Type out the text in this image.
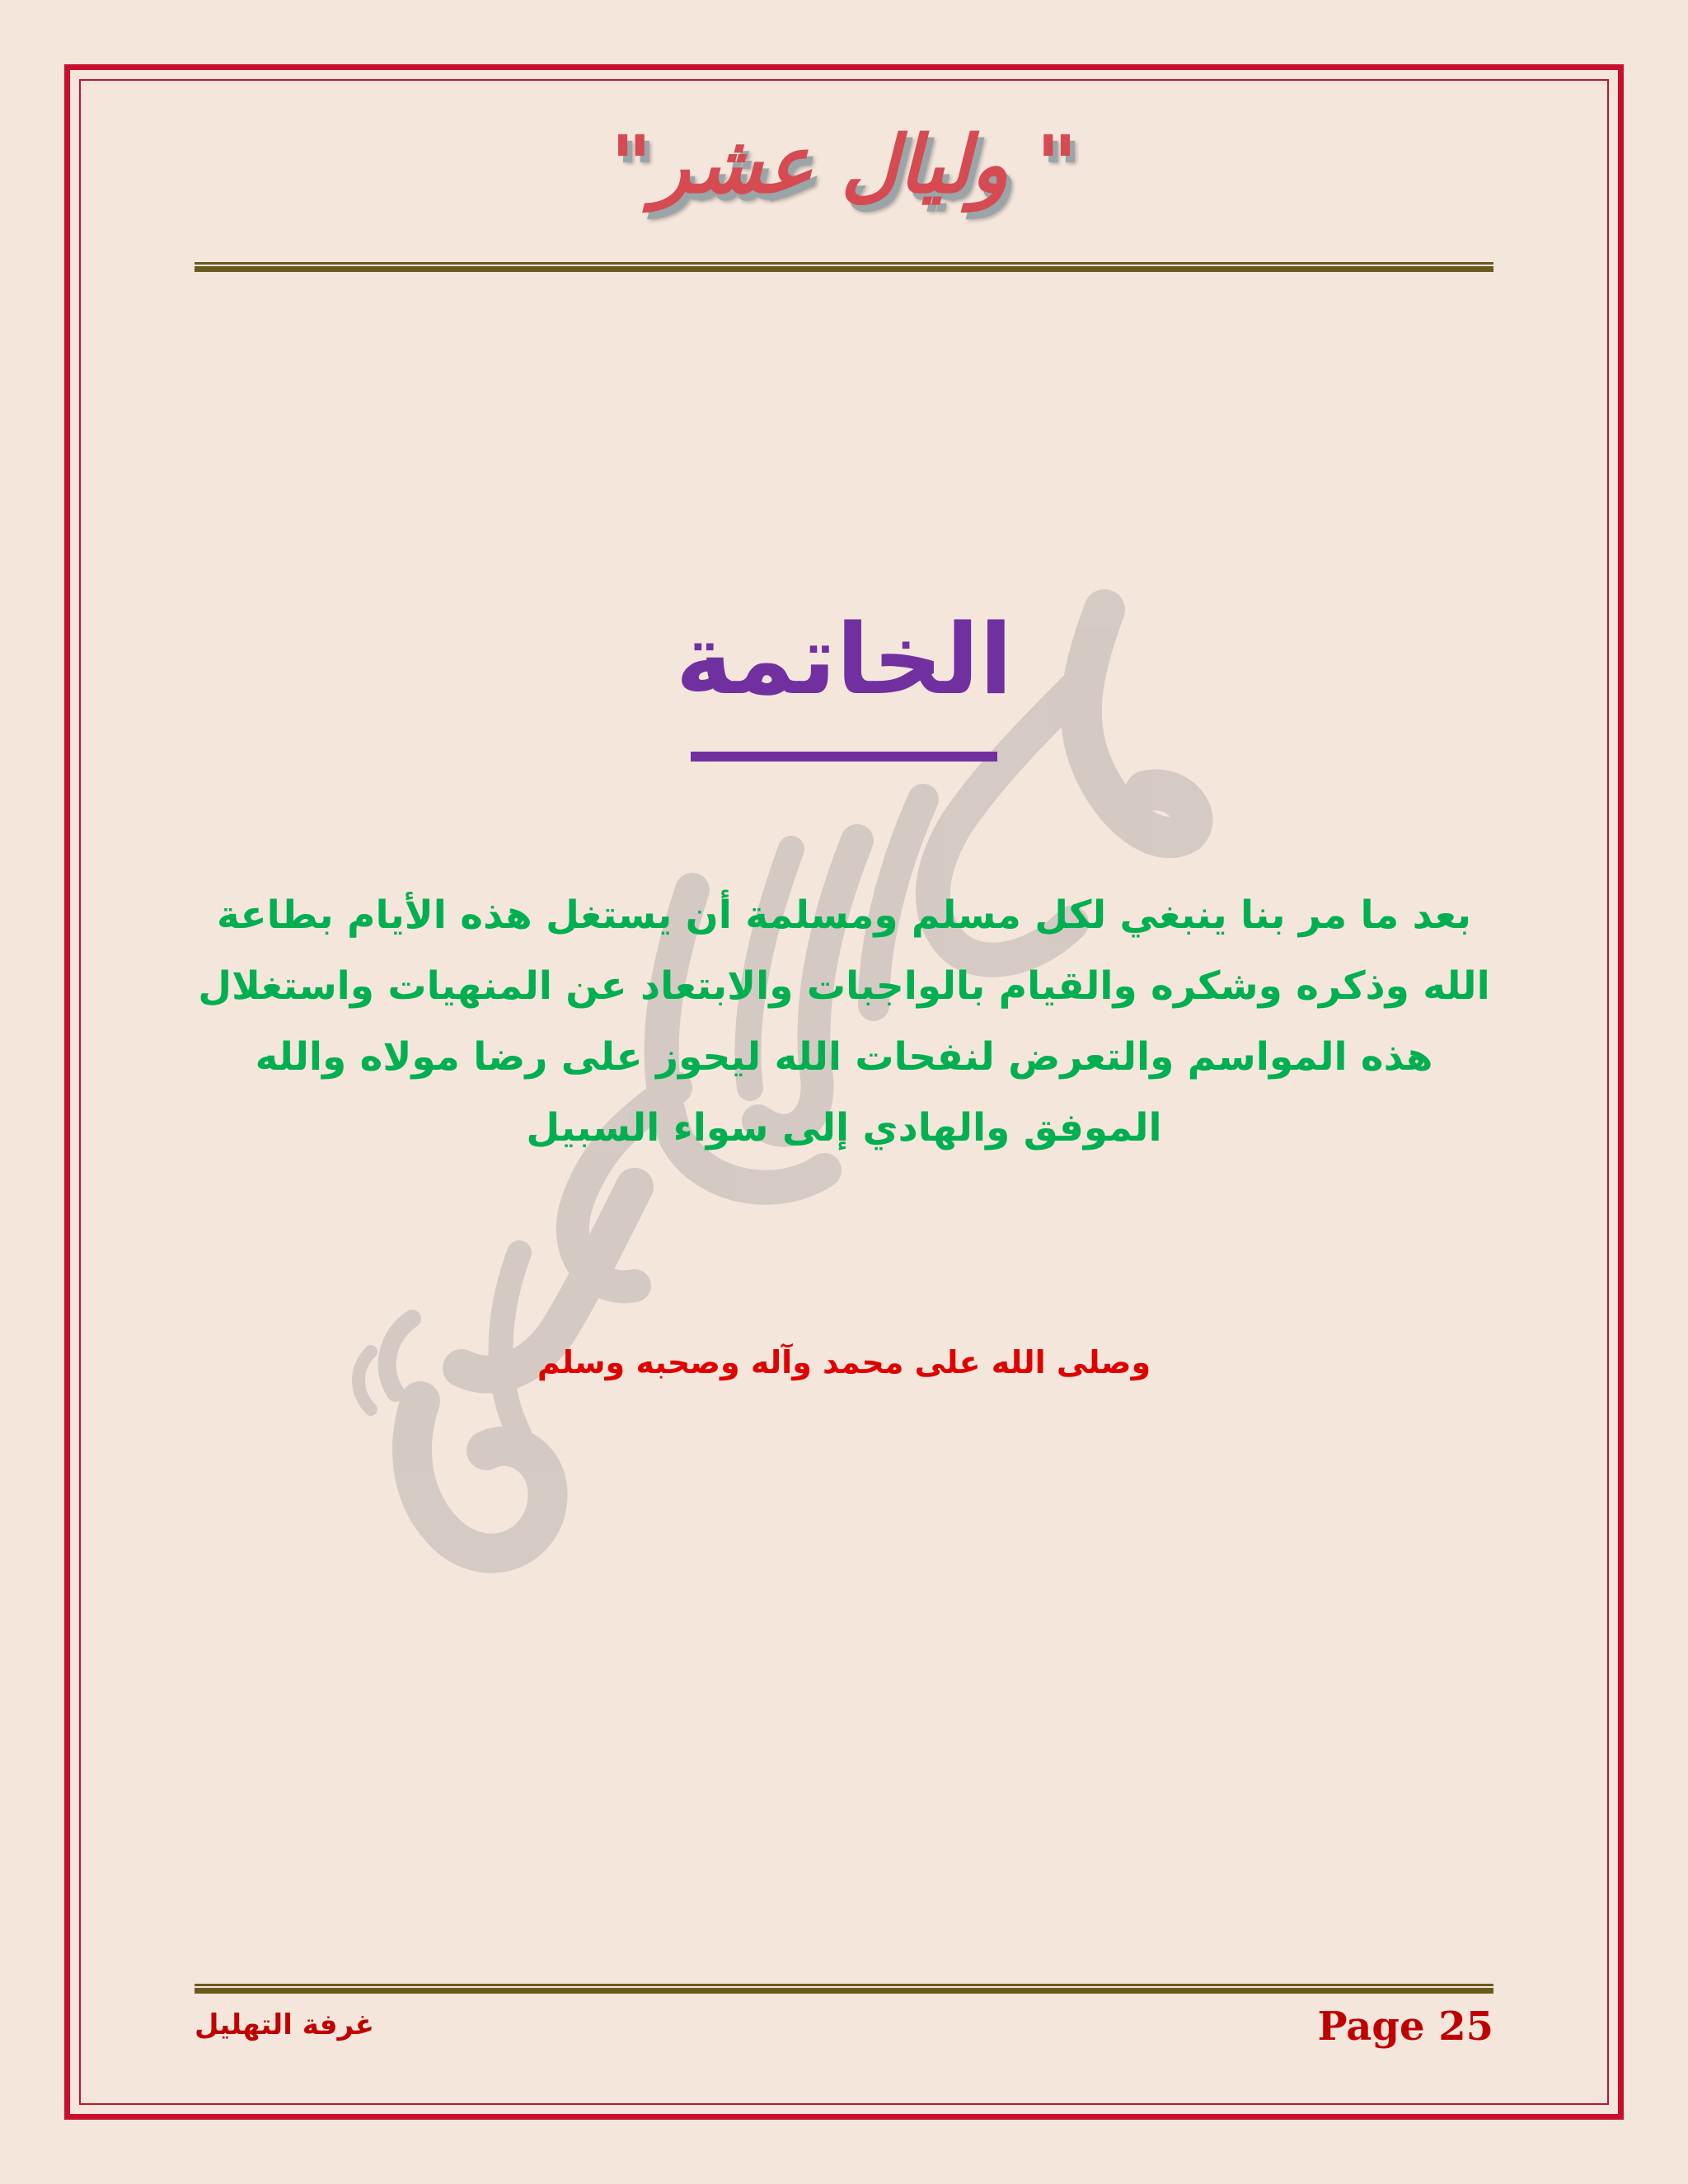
" وليال عشر"
الخاتمة
بعد ما مر بنا ينبغي لكل مسلم ومسلمة أن يستغل هذه الأيام بطاعة الله وذكره وشكره والقيام بالواجبات والابتعاد عن المنهيات واستغلال هذه المواسم والتعرض لنفحات الله ليحوز على رضا مولاه والله الموفق والهادي إلى سواء السبيل
وصلى الله على محمد وآله وصحبه وسلم
غرفة التهليل	Page 25
